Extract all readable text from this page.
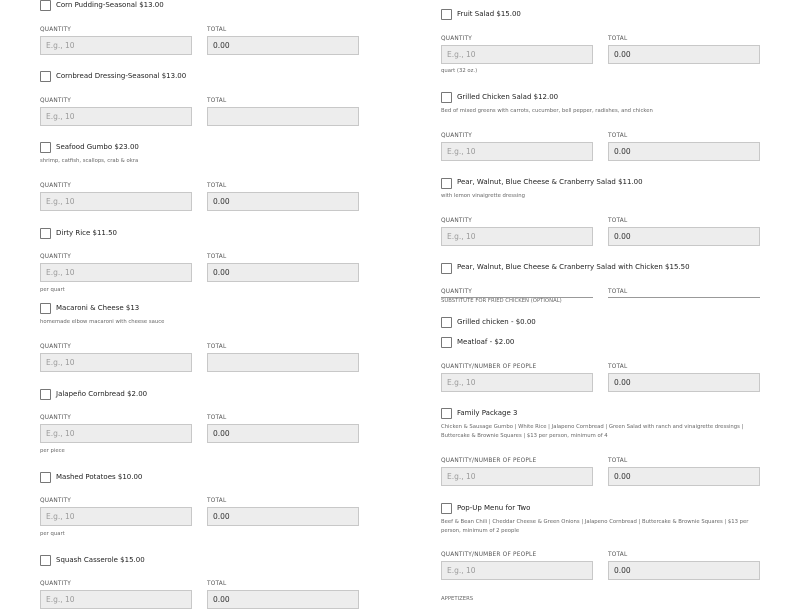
Corn Pudding-Seasonal $13.00
QUANTITY	TOTAL
E.g., 10	0.00
Cornbread Dressing-Seasonal $13.00
QUANTITY	TOTAL
E.g., 10
Seafood Gumbo $23.00
shrimp, catfish, scallops, crab & okra
QUANTITY	TOTAL
E.g., 10	0.00
Dirty Rice $11.50
QUANTITY	TOTAL
E.g., 10	0.00
per quart
Macaroni & Cheese $13
homemade elbow macaroni with cheese sauce
QUANTITY	TOTAL
E.g., 10
Jalapeño Cornbread $2.00
QUANTITY	TOTAL
E.g., 10	0.00
per piece
Mashed Potatoes $10.00
QUANTITY	TOTAL
E.g., 10	0.00
per quart
Squash Casserole $15.00
QUANTITY	TOTAL
E.g., 10	0.00
Fruit Salad $15.00
QUANTITY	TOTAL
E.g., 10	0.00
quart (32 oz.)
Grilled Chicken Salad $12.00
Bed of mixed greens with carrots, cucumber, bell pepper, radishes, and chicken
QUANTITY	TOTAL
E.g., 10	0.00
Pear, Walnut, Blue Cheese & Cranberry Salad $11.00
with lemon vinaigrette dressing
QUANTITY	TOTAL
E.g., 10	0.00
Pear, Walnut, Blue Cheese & Cranberry Salad with Chicken $15.50
QUANTITY	TOTAL
SUBSTITUTE FOR FRIED CHICKEN (OPTIONAL)
Grilled chicken - $0.00
Meatloaf - $2.00
QUANTITY/NUMBER OF PEOPLE	TOTAL
E.g., 10	0.00
Family Package 3
Chicken & Sausage Gumbo | White Rice | Jalapeno Cornbread | Green Salad with ranch and vinaigrette dressings |
Buttercake & Brownie Squares | $13 per person, minimum of 4
QUANTITY/NUMBER OF PEOPLE	TOTAL
E.g., 10	0.00
Pop-Up Menu for Two
Beef & Bean Chili | Cheddar Cheese & Green Onions | Jalapeno Cornbread | Buttercake & Brownie Squares | $13 per
person, minimum of 2 people
QUANTITY/NUMBER OF PEOPLE	TOTAL
E.g., 10	0.00
APPETIZERS
